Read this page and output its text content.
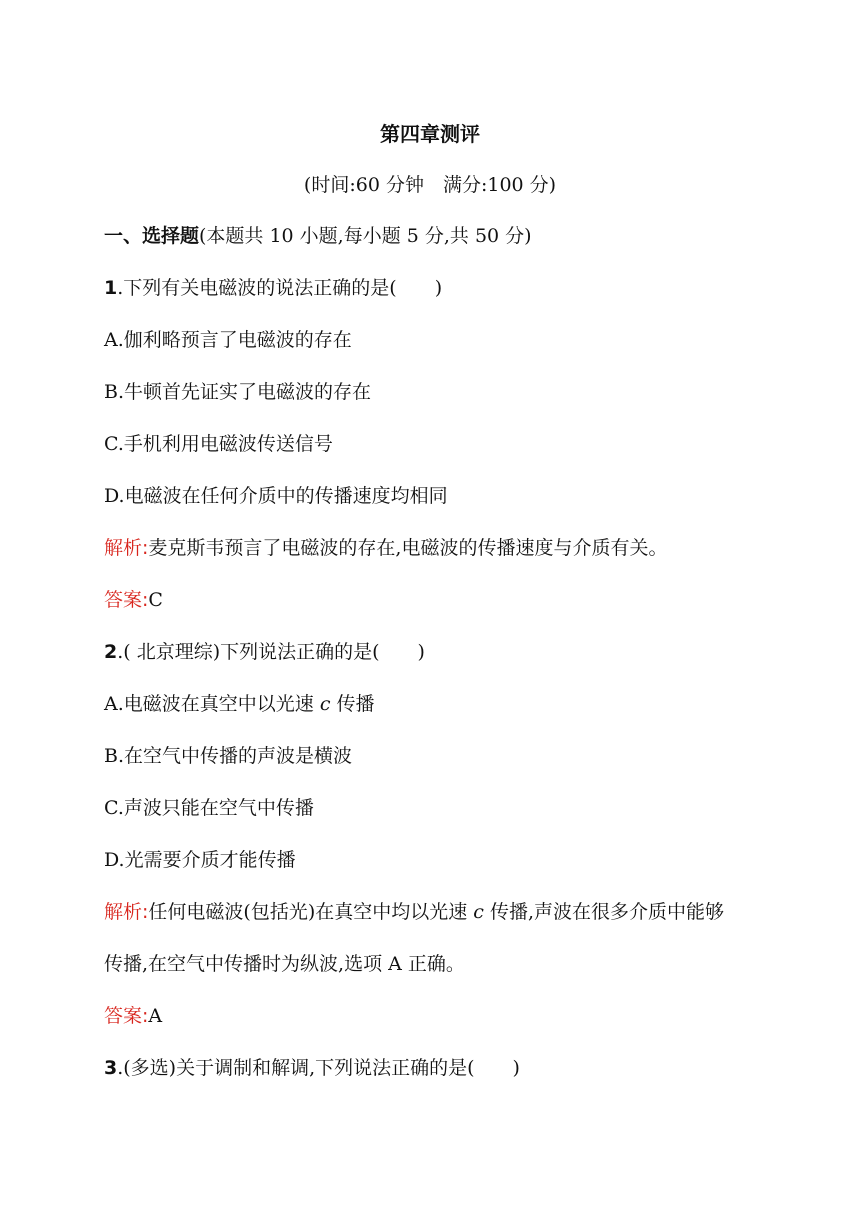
第四章测评
(时间:60 分钟　满分:100 分)
一、选择题(本题共 10 小题,每小题 5 分,共 50 分)
1.下列有关电磁波的说法正确的是(　　)
A.伽利略预言了电磁波的存在
B.牛顿首先证实了电磁波的存在
C.手机利用电磁波传送信号
D.电磁波在任何介质中的传播速度均相同
解析:麦克斯韦预言了电磁波的存在,电磁波的传播速度与介质有关。
答案:C
2.( 北京理综)下列说法正确的是(　　)
A.电磁波在真空中以光速 c 传播
B.在空气中传播的声波是横波
C.声波只能在空气中传播
D.光需要介质才能传播
解析:任何电磁波(包括光)在真空中均以光速 c 传播,声波在很多介质中能够
传播,在空气中传播时为纵波,选项 A 正确。
答案:A
3.(多选)关于调制和解调,下列说法正确的是(　　)
